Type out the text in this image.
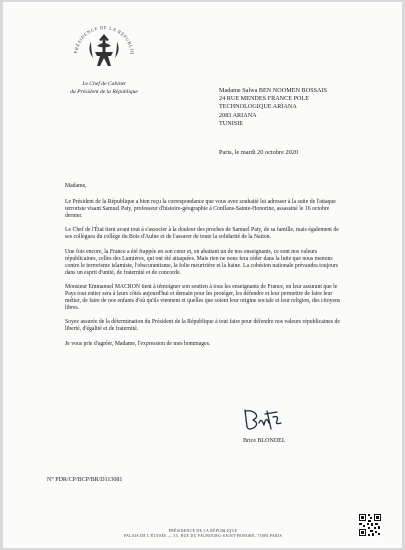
PRÉSIDENCE DE LA RÉPUBLIQ
Le Chef de Cabinet
du Président de la République	Madame Salwa BEN NOOMEN BOSSAIS
24 RUE MENDES FRANCE POLE
TECHNOLOGIQUE ARIANA
2083 ARIANA
TUNISIE
Paris, le mardi 20 octobre 2020

Madame,

Le Président de la République a bien reçu la correspondance que vous avez souhaité lui adresser à la suite de l'attaque terroriste visant Samuel Paty, professeur d'histoire-géographie à Conflans-Sainte-Honorine, assassiné le 16 octobre dernier.

Le Chef de l'État tient avant tout à s'associer à la douleur des proches de Samuel Paty, de sa famille, mais également de ses collègues du collège du Bois d'Aulne et de l'assurer de toute la solidarité de la Nation.

Une fois encore, la France a été frappée en son cœur et, en abattant un de nos enseignants, ce sont nos valeurs républicaines, celles des Lumières, qui ont été attaquées. Mais rien ne nous fera céder dans la lutte que nous menons contre le terrorisme islamiste, l'obscurantisme, la folie meurtrière et la haine. La cohésion nationale prévaudra toujours dans un esprit d'unité, de fraternité et de concorde.

Monsieur Emmanuel MACRON tient à témoigner son soutien à tous les enseignants de France, en leur assurant que le Pays tout entier sera à leurs côtés aujourd'hui et demain pour les protéger, les défendre et leur permettre de faire leur métier, de faire de nos enfants d'où qu'ils viennent et quelles que soient leur origine sociale et leur religion, des citoyens libres.

Soyez assurée de la détermination du Président de la République à tout faire pour défendre nos valeurs républicaines de liberté, d'égalité et de fraternité.

Je vous prie d'agréer, Madame, l'expression de mes hommages.

Brice BLONDEL
N° PDR/CP/BCP/BR/D113081
PRÉSIDENCE DE LA RÉPUBLIQUE
PALAIS DE L'ÉLYSÉE — 55, RUE DU FAUBOURG-SAINT-HONORÉ, 75008 PARIS
